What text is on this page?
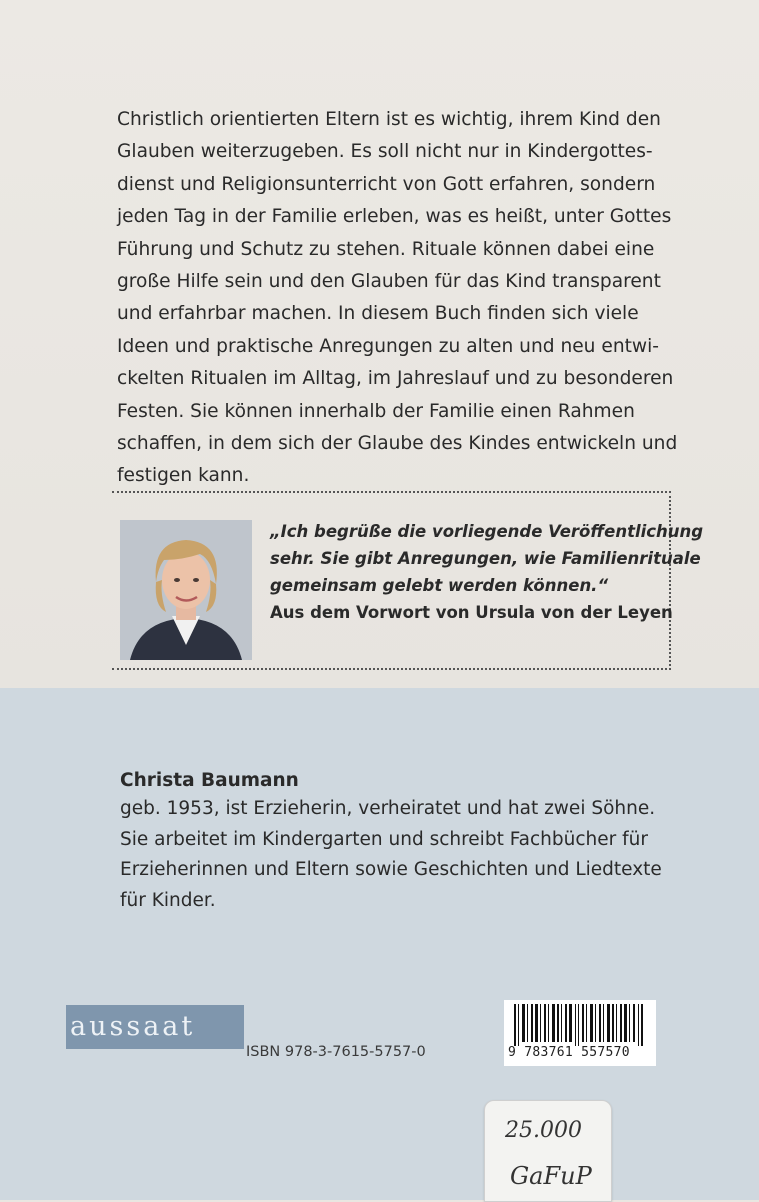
Christlich orientierten Eltern ist es wichtig, ihrem Kind den
Glauben weiterzugeben. Es soll nicht nur in Kindergottes-
dienst und Religionsunterricht von Gott erfahren, sondern
jeden Tag in der Familie erleben, was es heißt, unter Gottes
Führung und Schutz zu stehen. Rituale können dabei eine
große Hilfe sein und den Glauben für das Kind transparent
und erfahrbar machen. In diesem Buch finden sich viele
Ideen und praktische Anregungen zu alten und neu entwi-
ckelten Ritualen im Alltag, im Jahreslauf und zu besonderen
Festen. Sie können innerhalb der Familie einen Rahmen
schaffen, in dem sich der Glaube des Kindes entwickeln und
festigen kann.
„Ich begrüße die vorliegende Veröffentlichung
sehr. Sie gibt Anregungen, wie Familienrituale
gemeinsam gelebt werden können.“
Aus dem Vorwort von Ursula von der Leyen
Christa Baumann
geb. 1953, ist Erzieherin, verheiratet und hat zwei Söhne.
Sie arbeitet im Kindergarten und schreibt Fachbücher für
Erzieherinnen und Eltern sowie Geschichten und Liedtexte
für Kinder.
aussaat
ISBN 978-3-7615-5757-0	9 783761 557570
25.000
GaFuP
